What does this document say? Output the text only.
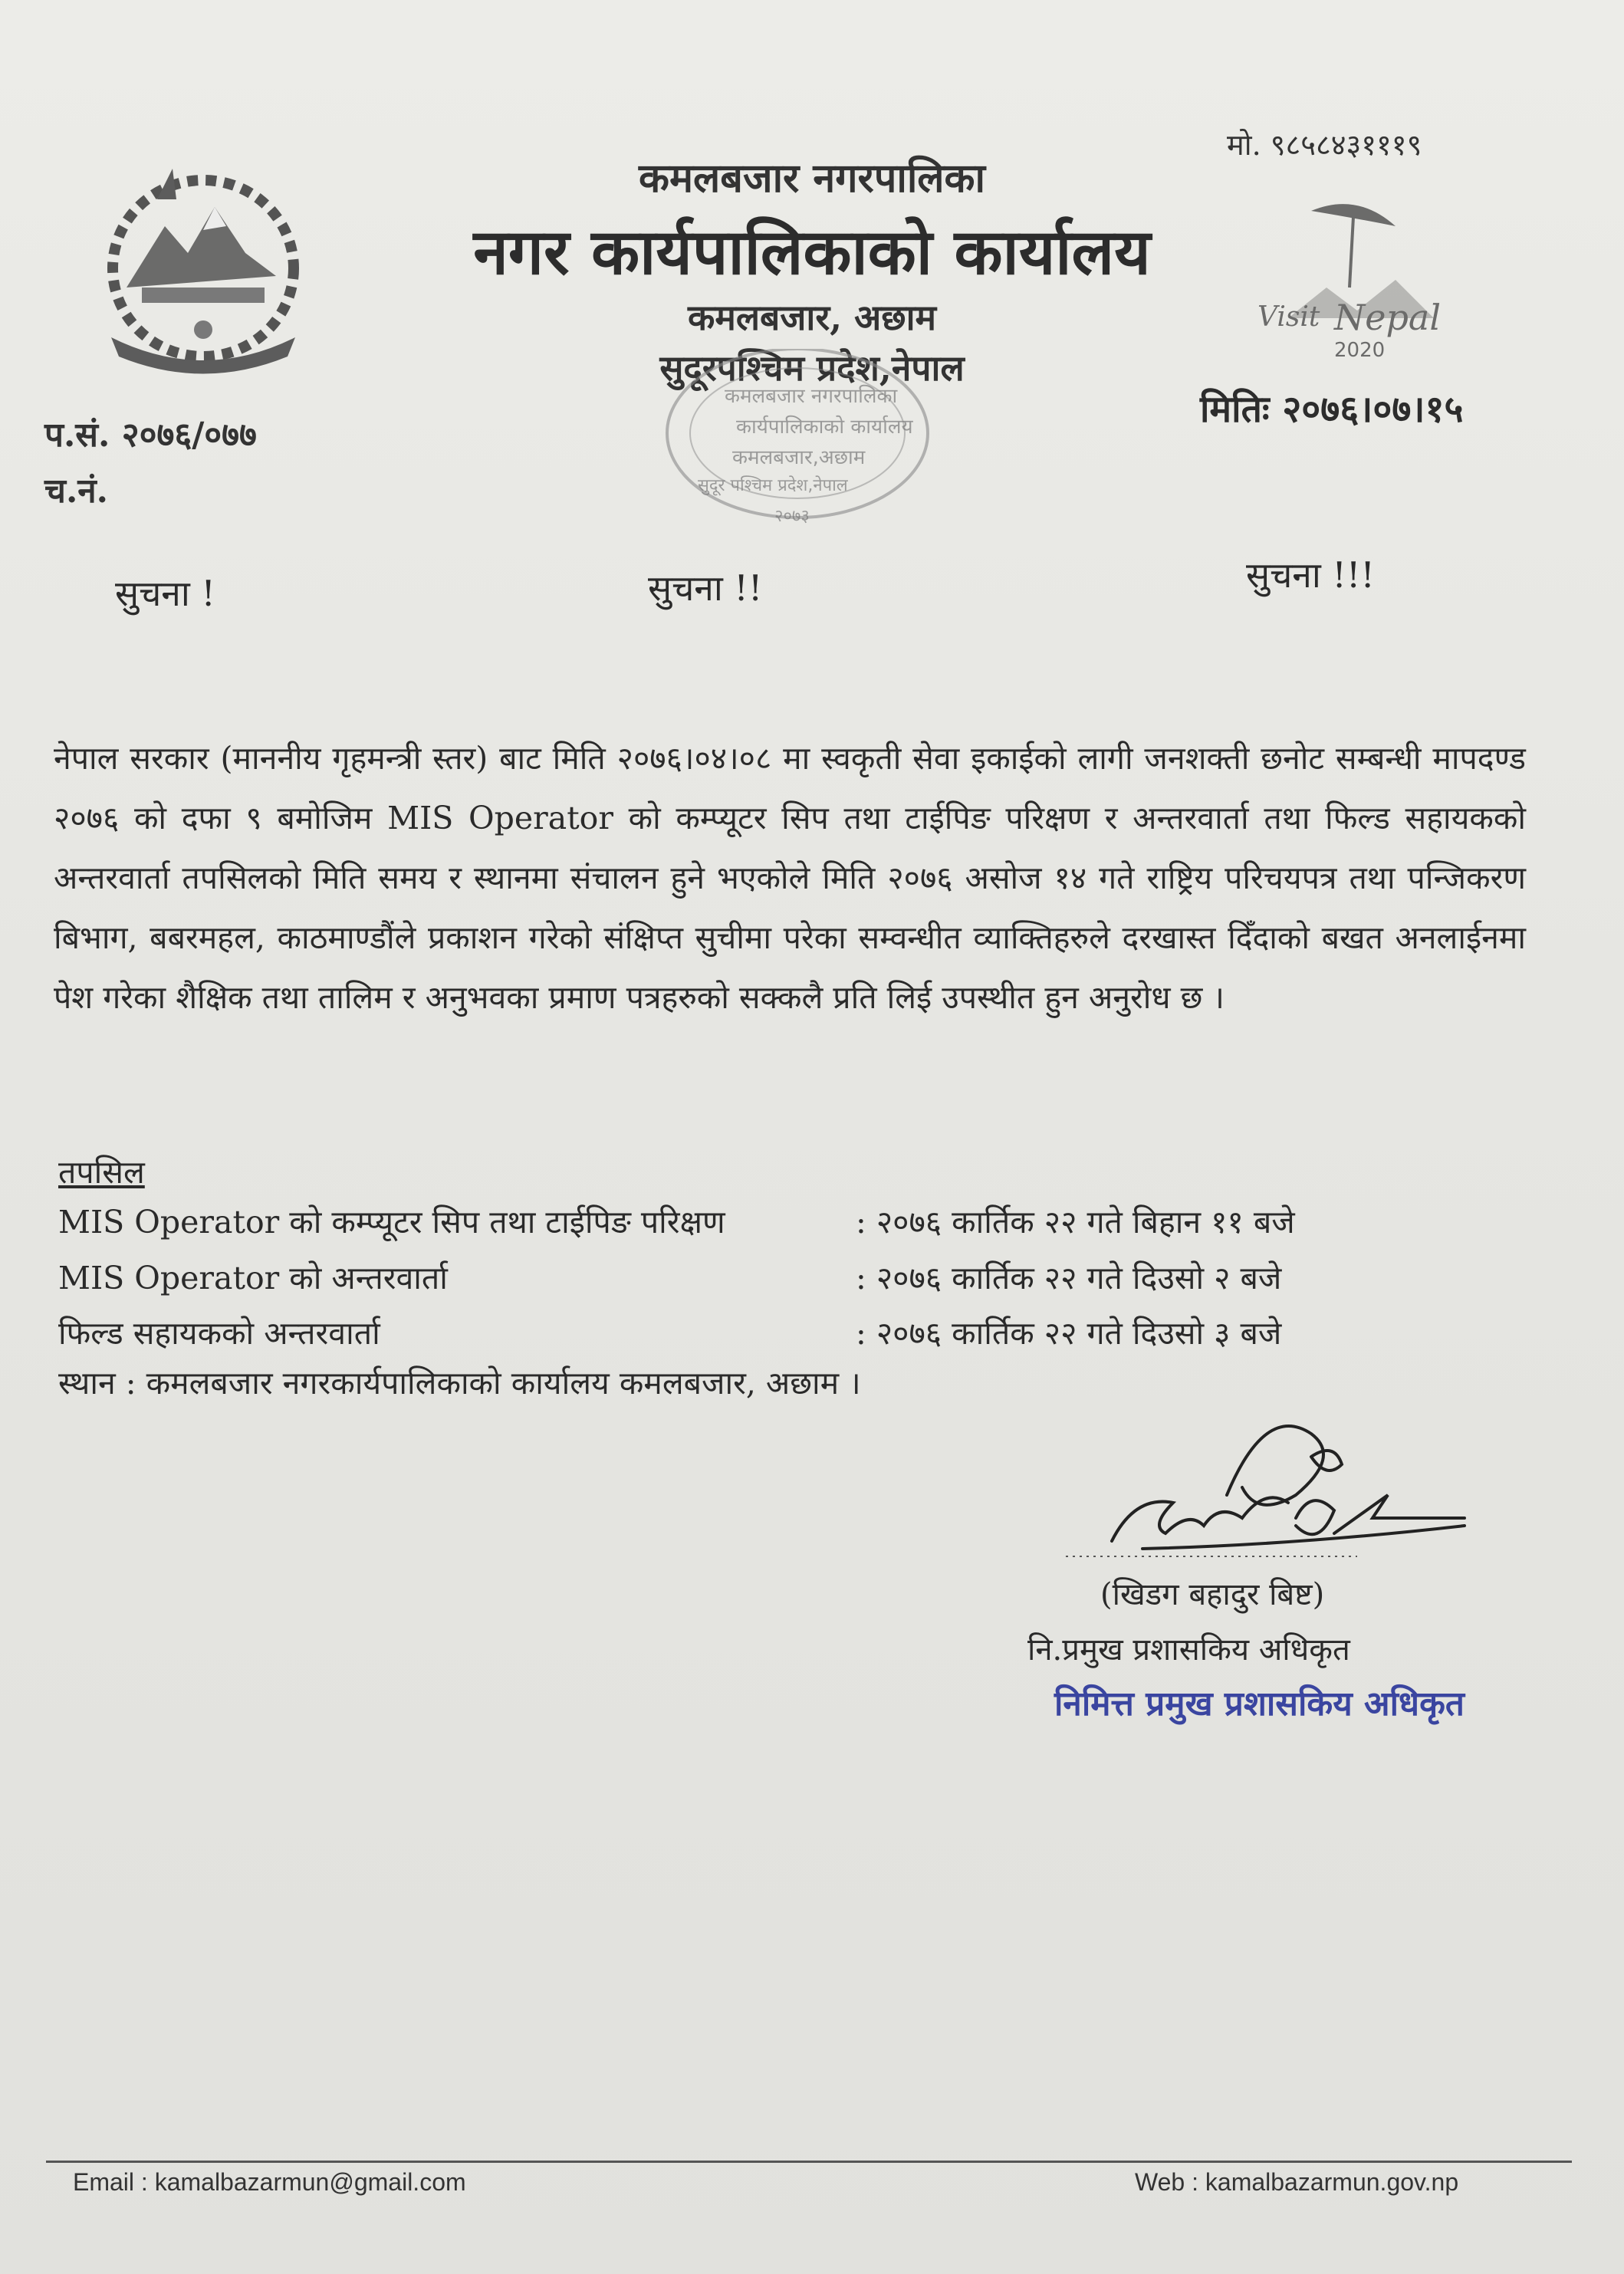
कमलबजार नगरपालिका
नगर कार्यपालिकाको कार्यालय
कमलबजार, अछाम
सुदूरपश्चिम प्रदेश,नेपाल
कमलबजार नगरपालिका
कार्यपालिकाको कार्यालय
कमलबजार,अछाम
सुदूर पश्चिम प्रदेश,नेपाल
२०७३
मो. ९८५८४३१११९
Visit Nepal
2020
मितिः २०७६।०७।१५
प.सं. २०७६/०७७
च.नं.
सुचना !	सुचना !!	सुचना !!!
नेपाल सरकार (माननीय गृहमन्त्री स्तर) बाट मिति २०७६।०४।०८ मा स्वकृती सेवा इकाईको लागी जनशक्ती छनोट सम्बन्धी मापदण्ड २०७६ को दफा ९ बमोजिम MIS Operator को कम्प्यूटर सिप तथा टाईपिङ परिक्षण र अन्तरवार्ता तथा फिल्ड सहायकको अन्तरवार्ता तपसिलको मिति समय र स्थानमा संचालन हुने भएकोले मिति २०७६ असोज १४ गते राष्ट्रिय परिचयपत्र तथा पन्जिकरण बिभाग, बबरमहल, काठमाण्डौंले प्रकाशन गरेको संक्षिप्त सुचीमा परेका सम्वन्धीत व्याक्तिहरुले दरखास्त दिँदाको बखत अनलाईनमा पेश गरेका शैक्षिक तथा तालिम र अनुभवका प्रमाण पत्रहरुको सक्कलै प्रति लिई उपस्थीत हुन अनुरोध छ ।
तपसिल
MIS Operator को कम्प्यूटर सिप तथा टाईपिङ परिक्षण	: २०७६ कार्तिक २२ गते बिहान ११ बजे
MIS Operator को अन्तरवार्ता	: २०७६ कार्तिक २२ गते दिउसो २ बजे
फिल्ड सहायकको अन्तरवार्ता	: २०७६ कार्तिक २२ गते दिउसो ३ बजे
स्थान : कमलबजार नगरकार्यपालिकाको कार्यालय कमलबजार, अछाम ।
(खिडग बहादुर बिष्ट)
नि.प्रमुख प्रशासकिय अधिकृत
निमित्त प्रमुख प्रशासकिय अधिकृत
Email : kamalbazarmun@gmail.com	Web : kamalbazarmun.gov.np
